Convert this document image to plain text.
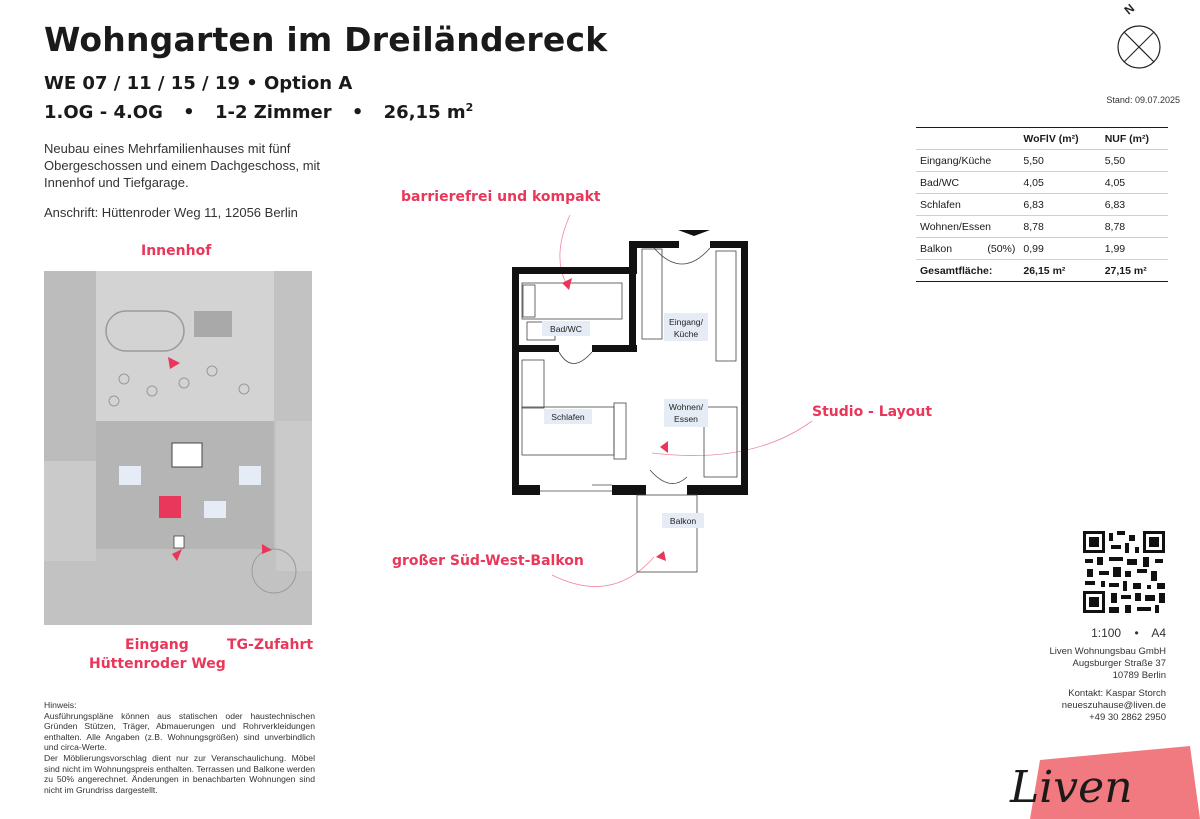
Wohngarten im Dreiländereck
WE 07 / 11 / 15 / 19 • Option A
1.OG - 4.OG • 1-2 Zimmer • 26,15 $m^2$
Neubau eines Mehrfamilienhauses mit fünf Obergeschossen und einem Dachgeschoss, mit Innenhof und Tiefgarage.
Anschrift: Hüttenroder Weg 11, 12056 Berlin
Innenhof
Eingang
Hüttenroder Weg
TG-Zufahrt
Hinweis:
Ausführungspläne können aus statischen oder haustechnischen Gründen Stützen, Träger, Abmauerungen und Rohrverkleidungen enthalten. Alle Angaben (z.B. Wohnungsgrößen) sind unverbindlich und circa-Werte.
Der Möblierungsvorschlag dient nur zur Veranschaulichung. Möbel sind nicht im Wohnungspreis enthalten. Terrassen und Balkone werden zu 50% angerechnet. Änderungen in benachbarten Wohnungen sind nicht im Grundriss dargestellt.
Bad/WC
Eingang/
Küche
Wohnen/
Essen
Schlafen
Balkon
barrierefrei und kompakt
Studio - Layout
großer Süd-West-Balkon
N
Stand: 09.07.2025
	WoFlV (m²)	NUF (m²)
Eingang/Küche	5,50	5,50
Bad/WC	4,05	4,05
Schlafen	6,83	6,83
Wohnen/Essen	8,78	8,78
Balkon (50%)	0,99	1,99
Gesamtfläche:	26,15 m²	27,15 m²
1:100 • A4
Liven Wohnungsbau GmbH
Augsburger Straße 37
10789 Berlin
Kontakt: Kaspar Storch
neueszuhause@liven.de
+49 30 2862 2950
Liven
